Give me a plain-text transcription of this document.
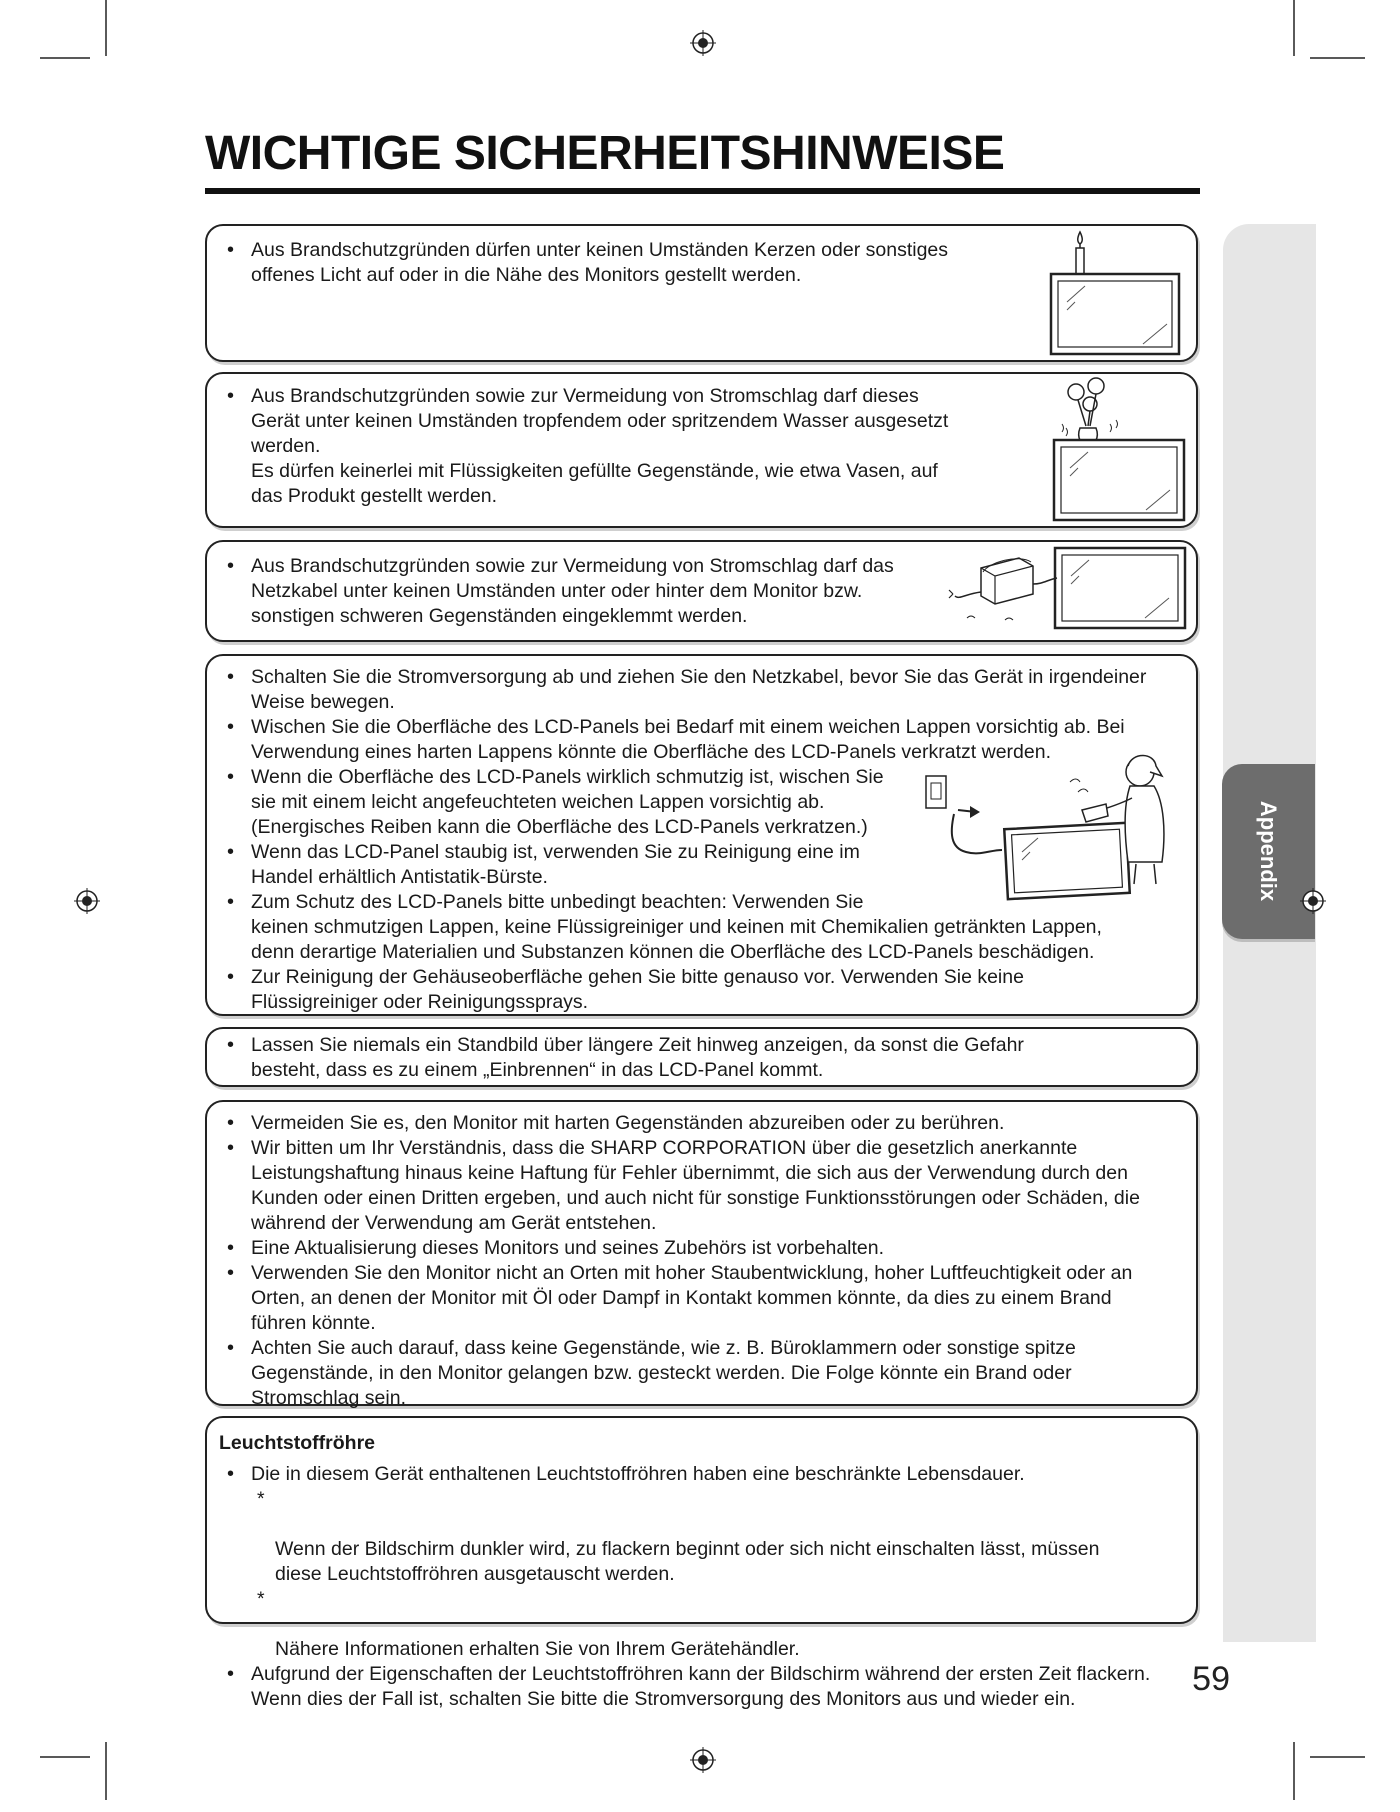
WICHTIGE SICHERHEITSHINWEISE
Appendix
• Aus Brandschutzgründen dürfen unter keinen Umständen Kerzen oder sonstiges
offenes Licht auf oder in die Nähe des Monitors gestellt werden.
• Aus Brandschutzgründen sowie zur Vermeidung von Stromschlag darf dieses
Gerät unter keinen Umständen tropfendem oder spritzendem Wasser ausgesetzt
werden.
Es dürfen keinerlei mit Flüssigkeiten gefüllte Gegenstände, wie etwa Vasen, auf
das Produkt gestellt werden.
• Aus Brandschutzgründen sowie zur Vermeidung von Stromschlag darf das
Netzkabel unter keinen Umständen unter oder hinter dem Monitor bzw.
sonstigen schweren Gegenständen eingeklemmt werden.
• Schalten Sie die Stromversorgung ab und ziehen Sie den Netzkabel, bevor Sie das Gerät in irgendeiner
Weise bewegen.
• Wischen Sie die Oberfläche des LCD-Panels bei Bedarf mit einem weichen Lappen vorsichtig ab. Bei
Verwendung eines harten Lappens könnte die Oberfläche des LCD-Panels verkratzt werden.
• Wenn die Oberfläche des LCD-Panels wirklich schmutzig ist, wischen Sie
sie mit einem leicht angefeuchteten weichen Lappen vorsichtig ab.
(Energisches Reiben kann die Oberfläche des LCD-Panels verkratzen.)
• Wenn das LCD-Panel staubig ist, verwenden Sie zu Reinigung eine im
Handel erhältlich Antistatik-Bürste.
• Zum Schutz des LCD-Panels bitte unbedingt beachten: Verwenden Sie
keinen schmutzigen Lappen, keine Flüssigreiniger und keinen mit Chemikalien getränkten Lappen,
denn derartige Materialien und Substanzen können die Oberfläche des LCD-Panels beschädigen.
• Zur Reinigung der Gehäuseoberfläche gehen Sie bitte genauso vor. Verwenden Sie keine
Flüssigreiniger oder Reinigungssprays.
• Lassen Sie niemals ein Standbild über längere Zeit hinweg anzeigen, da sonst die Gefahr
besteht, dass es zu einem „Einbrennen“ in das LCD-Panel kommt.
• Vermeiden Sie es, den Monitor mit harten Gegenständen abzureiben oder zu berühren.
• Wir bitten um Ihr Verständnis, dass die SHARP CORPORATION über die gesetzlich anerkannte
Leistungshaftung hinaus keine Haftung für Fehler übernimmt, die sich aus der Verwendung durch den
Kunden oder einen Dritten ergeben, und auch nicht für sonstige Funktionsstörungen oder Schäden, die
während der Verwendung am Gerät entstehen.
• Eine Aktualisierung dieses Monitors und seines Zubehörs ist vorbehalten.
• Verwenden Sie den Monitor nicht an Orten mit hoher Staubentwicklung, hoher Luftfeuchtigkeit oder an
Orten, an denen der Monitor mit Öl oder Dampf in Kontakt kommen könnte, da dies zu einem Brand
führen könnte.
• Achten Sie auch darauf, dass keine Gegenstände, wie z. B. Büroklammern oder sonstige spitze
Gegenstände, in den Monitor gelangen bzw. gesteckt werden. Die Folge könnte ein Brand oder
Stromschlag sein.
Leuchtstoffröhre
• Die in diesem Gerät enthaltenen Leuchtstoffröhren haben eine beschränkte Lebensdauer.

*

Wenn der Bildschirm dunkler wird, zu flackern beginnt oder sich nicht einschalten lässt, müssen
diese Leuchtstoffröhren ausgetauscht werden.

*

Nähere Informationen erhalten Sie von Ihrem Gerätehändler.

• Aufgrund der Eigenschaften der Leuchtstoffröhren kann der Bildschirm während der ersten Zeit flackern.
Wenn dies der Fall ist, schalten Sie bitte die Stromversorgung des Monitors aus und wieder ein.
59
